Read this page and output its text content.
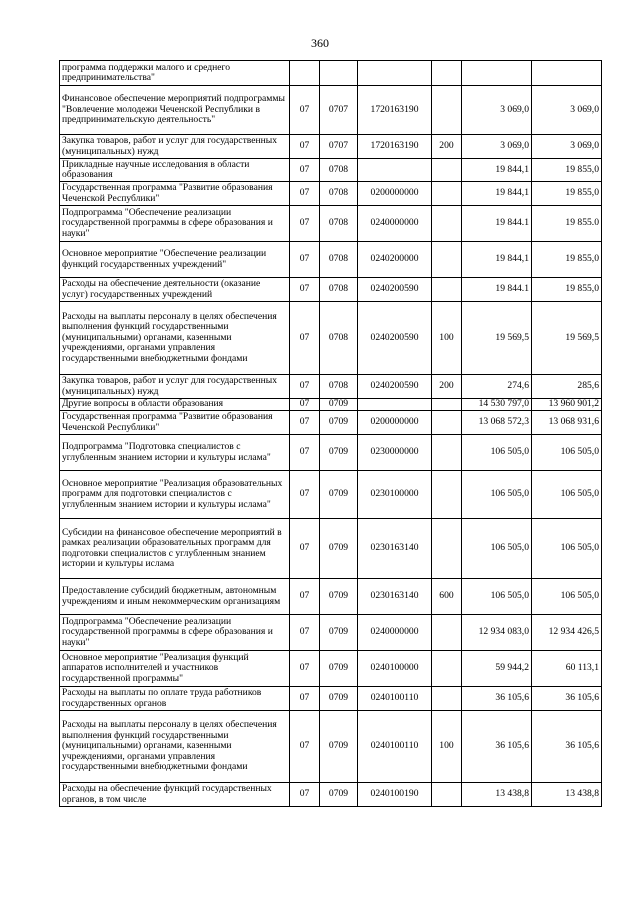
360
программа поддержки малого и среднего предпринимательства"						
Финансовое обеспечение мероприятий подпрограммы "Вовлечение молодежи Чеченской Республики в предпринимательскую деятельность"	07	0707	1720163190		3 069,0	3 069,0
Закупка товаров, работ и услуг для государственных (муниципальных) нужд	07	0707	1720163190	200	3 069,0	3 069,0
Прикладные научные исследования в области образования	07	0708			19 844,1	19 855,0
Государственная программа "Развитие образования Чеченской Республики"	07	0708	0200000000		19 844,1	19 855,0
Подпрограмма "Обеспечение реализации государственной программы в сфере образования и науки"	07	0708	0240000000		19 844.1	19 855.0
Основное мероприятие "Обеспечение реализации функций государственных учреждений"	07	0708	0240200000		19 844,1	19 855,0
Расходы на обеспечение деятельности (оказание услуг) государственных учреждений	07	0708	0240200590		19 844.1	19 855,0
Расходы на выплаты персоналу в целях обеспечения выполнения функций государственными (муниципальными) органами, казенными учреждениями, органами управления государственными внебюджетными фондами	07	0708	0240200590	100	19 569,5	19 569,5
Закупка товаров, работ и услуг для государственных (муниципальных) нужд	07	0708	0240200590	200	274,6	285,6
Другие вопросы в области образования	07	0709			14 530 797,0	13 960 901,2
Государственная программа "Развитие образования Чеченской Республики"	07	0709	0200000000		13 068 572,3	13 068 931,6
Подпрограмма "Подготовка специалистов с углубленным знанием истории и культуры ислама"	07	0709	0230000000		106 505,0	106 505,0
Основное мероприятие "Реализация образовательных программ для подготовки специалистов с углубленным знанием истории и культуры ислама"	07	0709	0230100000		106 505,0	106 505,0
Субсидии на финансовое обеспечение мероприятий в рамках реализации образовательных программ для подготовки специалистов с углубленным знанием истории и культуры ислама	07	0709	0230163140		106 505,0	106 505,0
Предоставление субсидий бюджетным, автономным учреждениям и иным некоммерческим организациям	07	0709	0230163140	600	106 505,0	106 505,0
Подпрограмма "Обеспечение реализации государственной программы в сфере образования и науки"	07	0709	0240000000		12 934 083,0	12 934 426,5
Основное мероприятие "Реализация функций аппаратов исполнителей и участников государственной программы"	07	0709	0240100000		59 944,2	60 113,1
Расходы на выплаты по оплате труда работников государственных органов	07	0709	0240100110		36 105,6	36 105,6
Расходы на выплаты персоналу в целях обеспечения выполнения функций государственными (муниципальными) органами, казенными учреждениями, органами управления государственными внебюджетными фондами	07	0709	0240100110	100	36 105,6	36 105,6
Расходы на обеспечение функций государственных органов, в том числе	07	0709	0240100190		13 438,8	13 438,8
